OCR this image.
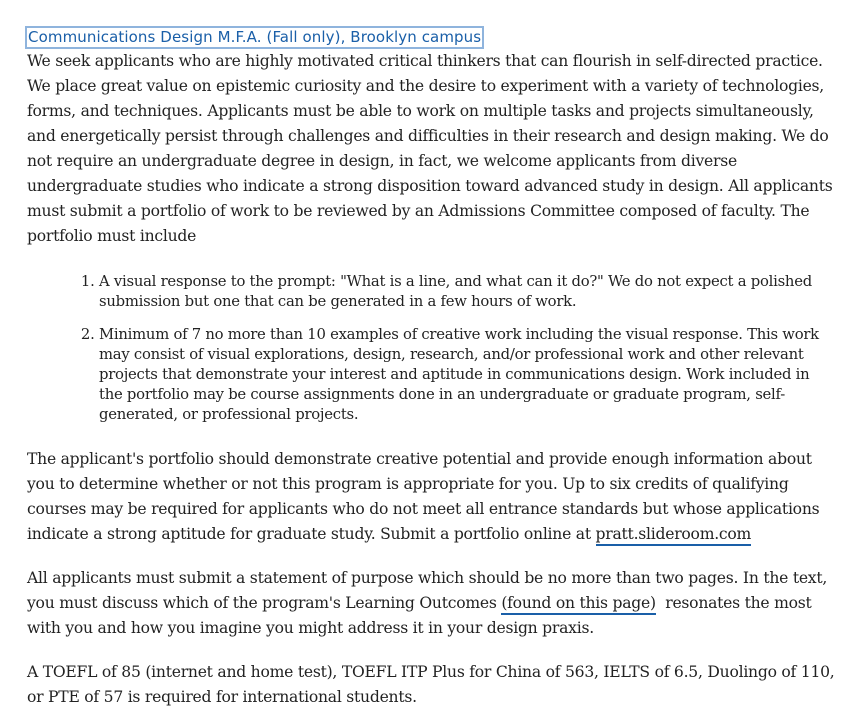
Communications Design M.F.A. (Fall only), Brooklyn campus

We seek applicants who are highly motivated critical thinkers that can flourish in self-directed practice. We place great value on epistemic curiosity and the desire to experiment with a variety of technologies, forms, and techniques. Applicants must be able to work on multiple tasks and projects simultaneously, and energetically persist through challenges and difficulties in their research and design making. We do not require an undergraduate degree in design, in fact, we welcome applicants from diverse undergraduate studies who indicate a strong disposition toward advanced study in design. All applicants must submit a portfolio of work to be reviewed by an Admissions Committee composed of faculty. The portfolio must include

1. A visual response to the prompt: "What is a line, and what can it do?" We do not expect a polished submission but one that can be generated in a few hours of work.
2. Minimum of 7 no more than 10 examples of creative work including the visual response. This work may consist of visual explorations, design, research, and/or professional work and other relevant projects that demonstrate your interest and aptitude in communications design. Work included in the portfolio may be course assignments done in an undergraduate or graduate program, self-generated, or professional projects.

The applicant's portfolio should demonstrate creative potential and provide enough information about you to determine whether or not this program is appropriate for you. Up to six credits of qualifying courses may be required for applicants who do not meet all entrance standards but whose applications indicate a strong aptitude for graduate study. Submit a portfolio online at pratt.slideroom.com

All applicants must submit a statement of purpose which should be no more than two pages. In the text, you must discuss which of the program's Learning Outcomes (found on this page)  resonates the most with you and how you imagine you might address it in your design praxis.

A TOEFL of 85 (internet and home test), TOEFL ITP Plus for China of 563, IELTS of 6.5, Duolingo of 110, or PTE of 57 is required for international students.
